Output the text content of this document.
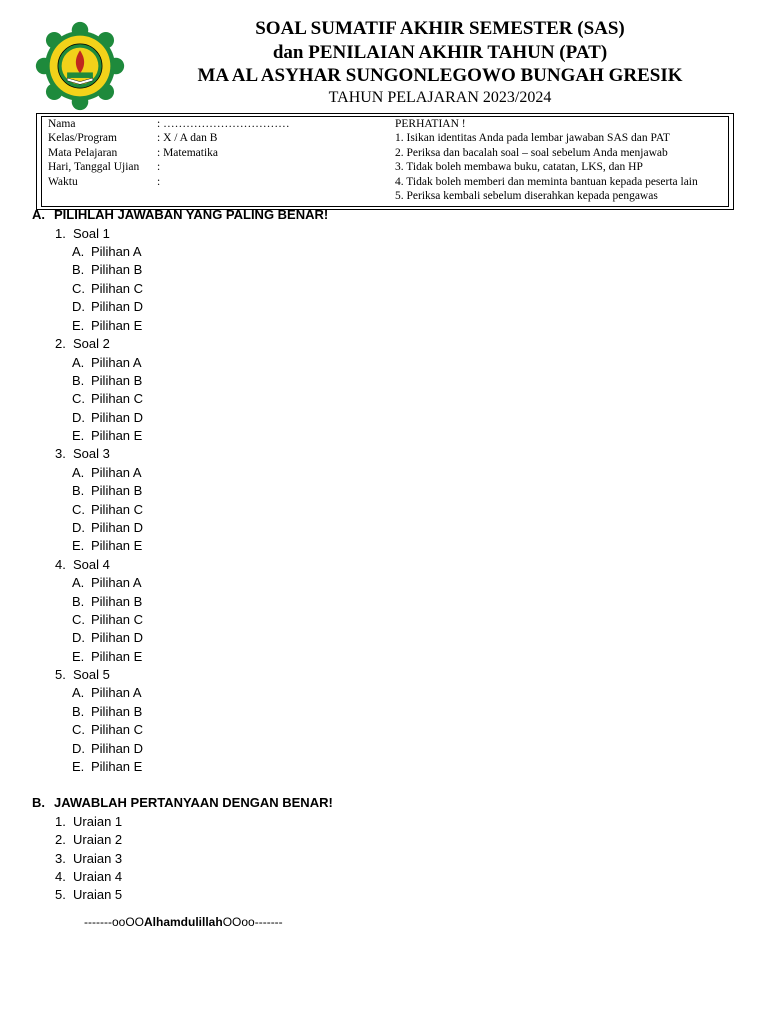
SOAL SUMATIF AKHIR SEMESTER (SAS)
dan PENILAIAN AKHIR TAHUN (PAT)
MA AL ASYHAR SUNGONLEGOWO BUNGAH GRESIK
TAHUN PELAJARAN 2023/2024
Nama	: ……………………………
Kelas/Program	: X / A dan B
Mata Pelajaran	: Matematika
Hari, Tanggal Ujian :
Waktu	:
PERHATIAN !
1. Isikan identitas Anda pada lembar jawaban SAS dan PAT
2. Periksa dan bacalah soal – soal sebelum Anda menjawab
3. Tidak boleh membawa buku, catatan, LKS, dan HP
4. Tidak boleh memberi dan meminta bantuan kepada peserta lain
5. Periksa kembali sebelum diserahkan kepada pengawas
A. PILIHLAH JAWABAN YANG PALING BENAR!
1. Soal 1
A. Pilihan A
B. Pilihan B
C. Pilihan C
D. Pilihan D
E. Pilihan E
2. Soal 2
A. Pilihan A
B. Pilihan B
C. Pilihan C
D. Pilihan D
E. Pilihan E
3. Soal 3
A. Pilihan A
B. Pilihan B
C. Pilihan C
D. Pilihan D
E. Pilihan E
4. Soal 4
A. Pilihan A
B. Pilihan B
C. Pilihan C
D. Pilihan D
E. Pilihan E
5. Soal 5
A. Pilihan A
B. Pilihan B
C. Pilihan C
D. Pilihan D
E. Pilihan E
B. JAWABLAH PERTANYAAN DENGAN BENAR!
1. Uraian 1
2. Uraian 2
3. Uraian 3
4. Uraian 4
5. Uraian 5
-------ooOOAlhamdulillahOOoo-------
